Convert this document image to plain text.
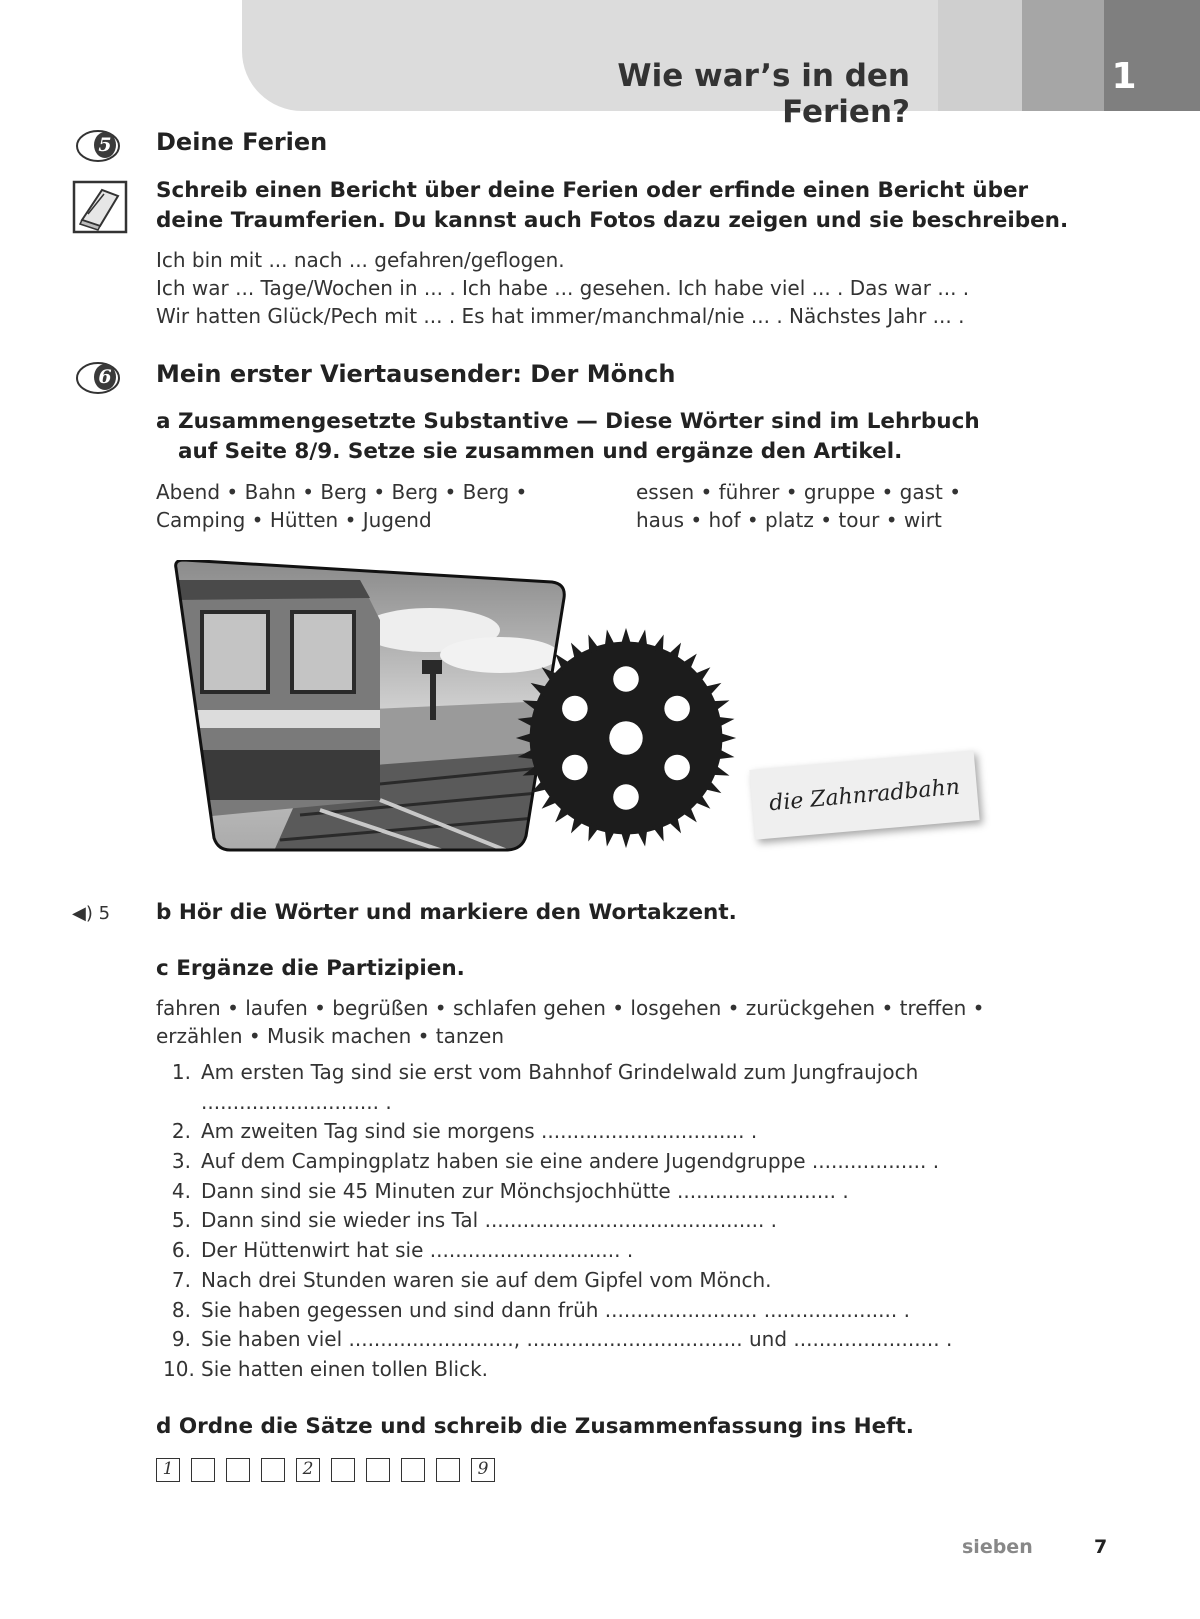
Wie war’s in den Ferien?
1
5 Deine Ferien
Schreib einen Bericht über deine Ferien oder erfinde einen Bericht über
deine Traumferien. Du kannst auch Fotos dazu zeigen und sie beschreiben.
Ich bin mit ... nach ... gefahren/geflogen.
Ich war ... Tage/Wochen in ... . Ich habe ... gesehen. Ich habe viel ... . Das war ... .
Wir hatten Glück/Pech mit ... . Es hat immer/manchmal/nie ... . Nächstes Jahr ... .
6 Mein erster Viertausender: Der Mönch
a Zusammengesetzte Substantive — Diese Wörter sind im Lehrbuch
auf Seite 8/9. Setze sie zusammen und ergänze den Artikel.
Abend • Bahn • Berg • Berg • Berg •
Camping • Hütten • Jugend
essen • führer • gruppe • gast •
haus • hof • platz • tour • wirt
die Zahnradbahn
◀︎) 5 b Hör die Wörter und markiere den Wortakzent.
c Ergänze die Partizipien.
fahren • laufen • begrüßen • schlafen gehen • losgehen • zurückgehen • treffen •
erzählen • Musik machen • tanzen
1. Am ersten Tag sind sie erst vom Bahnhof Grindelwald zum Jungfraujoch
............................ .
2. Am zweiten Tag sind sie morgens ................................ .
3. Auf dem Campingplatz haben sie eine andere Jugendgruppe .................. .
4. Dann sind sie 45 Minuten zur Mönchsjochhütte ......................... .
5. Dann sind sie wieder ins Tal ............................................ .
6. Der Hüttenwirt hat sie .............................. .
7. Nach drei Stunden waren sie auf dem Gipfel vom Mönch.
8. Sie haben gegessen und sind dann früh ........................ ..................... .
9. Sie haben viel .........................., .................................. und ....................... .
10. Sie hatten einen tollen Blick.
d Ordne die Sätze und schreib die Zusammenfassung ins Heft.
1	2	9
sieben	7
